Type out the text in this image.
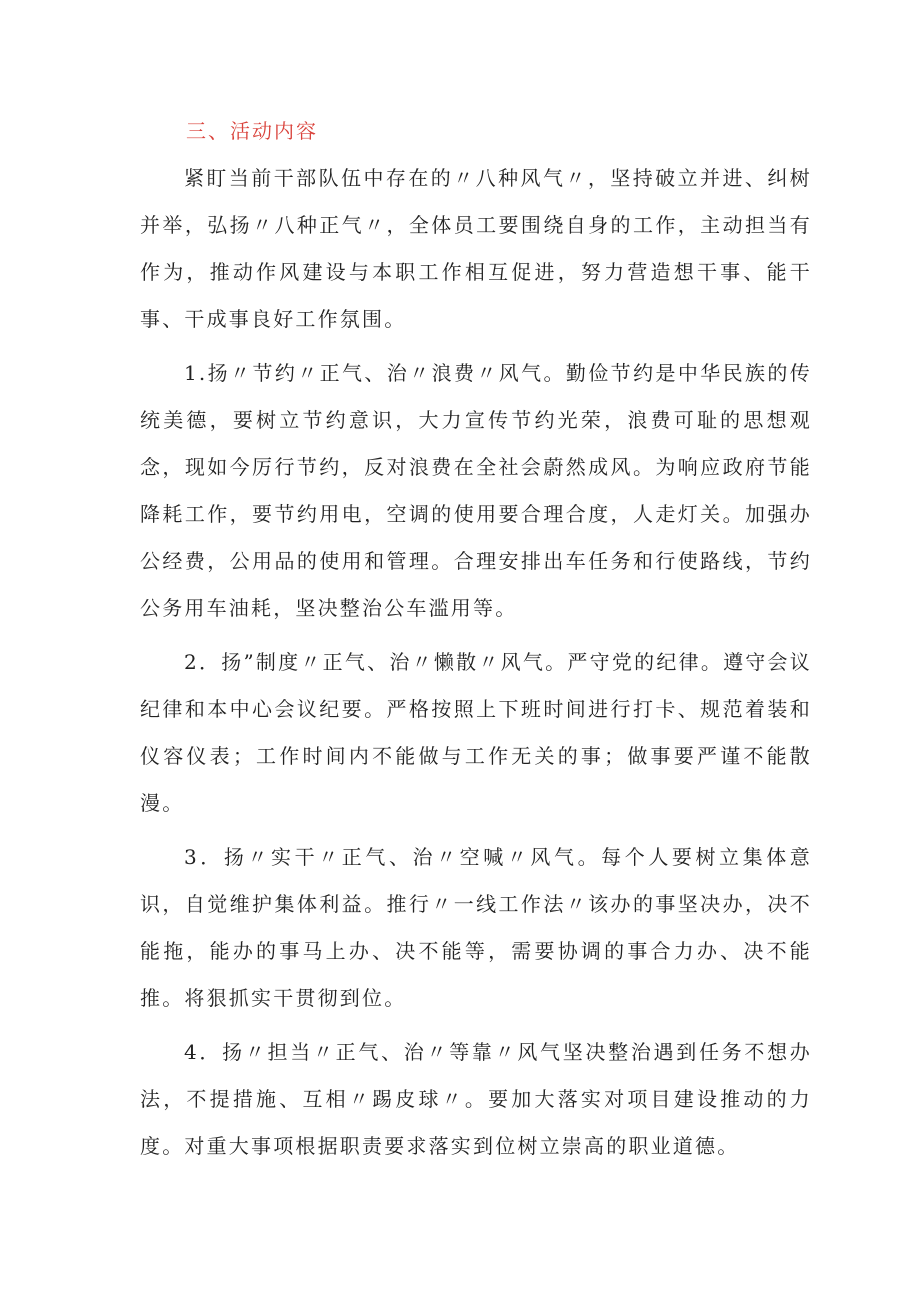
三、活动内容

紧盯当前干部队伍中存在的〃八种风气〃，坚持破立并进、纠树并举，弘扬〃八种正气〃，全体员工要围绕自身的工作，主动担当有作为，推动作风建设与本职工作相互促进，努力营造想干事、能干事、干成事良好工作氛围。

1.扬〃节约〃正气、治〃浪费〃风气。勤俭节约是中华民族的传统美德，要树立节约意识，大力宣传节约光荣，浪费可耻的思想观念，现如今厉行节约，反对浪费在全社会蔚然成风。为响应政府节能降耗工作，要节约用电，空调的使用要合理合度，人走灯关。加强办公经费，公用品的使用和管理。合理安排出车任务和行使路线，节约公务用车油耗，坚决整治公车滥用等。

2．扬”制度〃正气、治〃懒散〃风气。严守党的纪律。遵守会议纪律和本中心会议纪要。严格按照上下班时间进行打卡、规范着装和仪容仪表；工作时间内不能做与工作无关的事；做事要严谨不能散漫。

3．扬〃实干〃正气、治〃空喊〃风气。每个人要树立集体意识，自觉维护集体利益。推行〃一线工作法〃该办的事坚决办，决不能拖，能办的事马上办、决不能等，需要协调的事合力办、决不能推。将狠抓实干贯彻到位。

4．扬〃担当〃正气、治〃等靠〃风气坚决整治遇到任务不想办法，不提措施、互相〃踢皮球〃。要加大落实对项目建设推动的力度。对重大事项根据职责要求落实到位树立崇高的职业道德。
